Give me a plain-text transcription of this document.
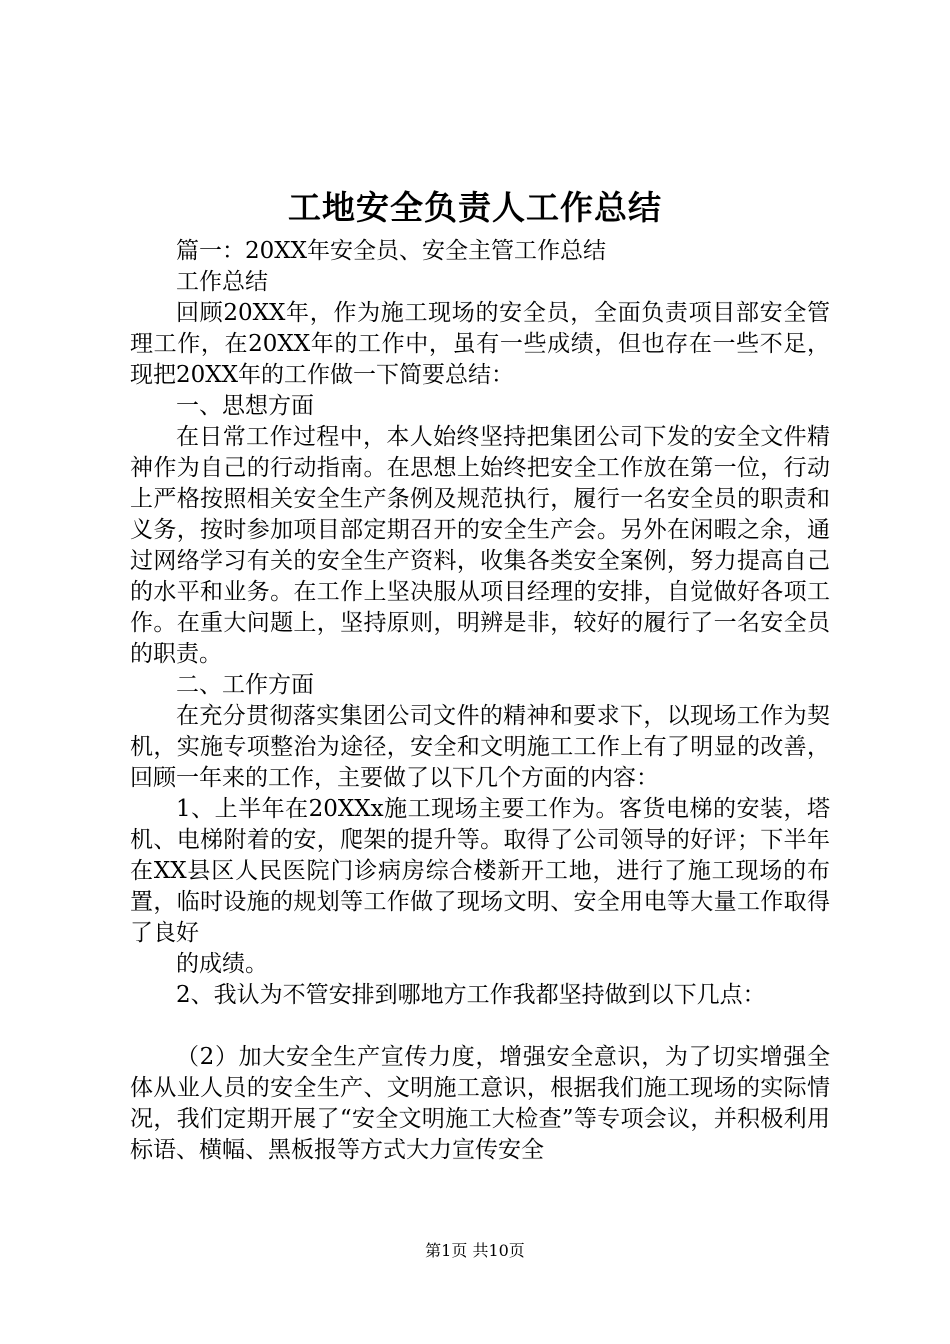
工地安全负责人工作总结

篇一：20XX年安全员、安全主管工作总结

工作总结

回顾20XX年，作为施工现场的安全员，全面负责项目部安全管理工作，在20XX年的工作中，虽有一些成绩，但也存在一些不足，现把20XX年的工作做一下简要总结：

一、思想方面

在日常工作过程中，本人始终坚持把集团公司下发的安全文件精神作为自己的行动指南。在思想上始终把安全工作放在第一位，行动上严格按照相关安全生产条例及规范执行，履行一名安全员的职责和义务，按时参加项目部定期召开的安全生产会。另外在闲暇之余，通过网络学习有关的安全生产资料，收集各类安全案例，努力提高自己的水平和业务。在工作上坚决服从项目经理的安排，自觉做好各项工作。在重大问题上，坚持原则，明辨是非，较好的履行了一名安全员的职责。

二、工作方面

在充分贯彻落实集团公司文件的精神和要求下，以现场工作为契机，实施专项整治为途径，安全和文明施工工作上有了明显的改善，回顾一年来的工作，主要做了以下几个方面的内容：

1、上半年在20XXx施工现场主要工作为。客货电梯的安装，塔机、电梯附着的安，爬架的提升等。取得了公司领导的好评；下半年在XX县区人民医院门诊病房综合楼新开工地，进行了施工现场的布置，临时设施的规划等工作做了现场文明、安全用电等大量工作取得了良好

的成绩。

2、我认为不管安排到哪地方工作我都坚持做到以下几点：

（2）加大安全生产宣传力度，增强安全意识，为了切实增强全体从业人员的安全生产、文明施工意识，根据我们施工现场的实际情况，我们定期开展了“安全文明施工大检查”等专项会议，并积极利用标语、横幅、黑板报等方式大力宣传安全

第1页 共10页
